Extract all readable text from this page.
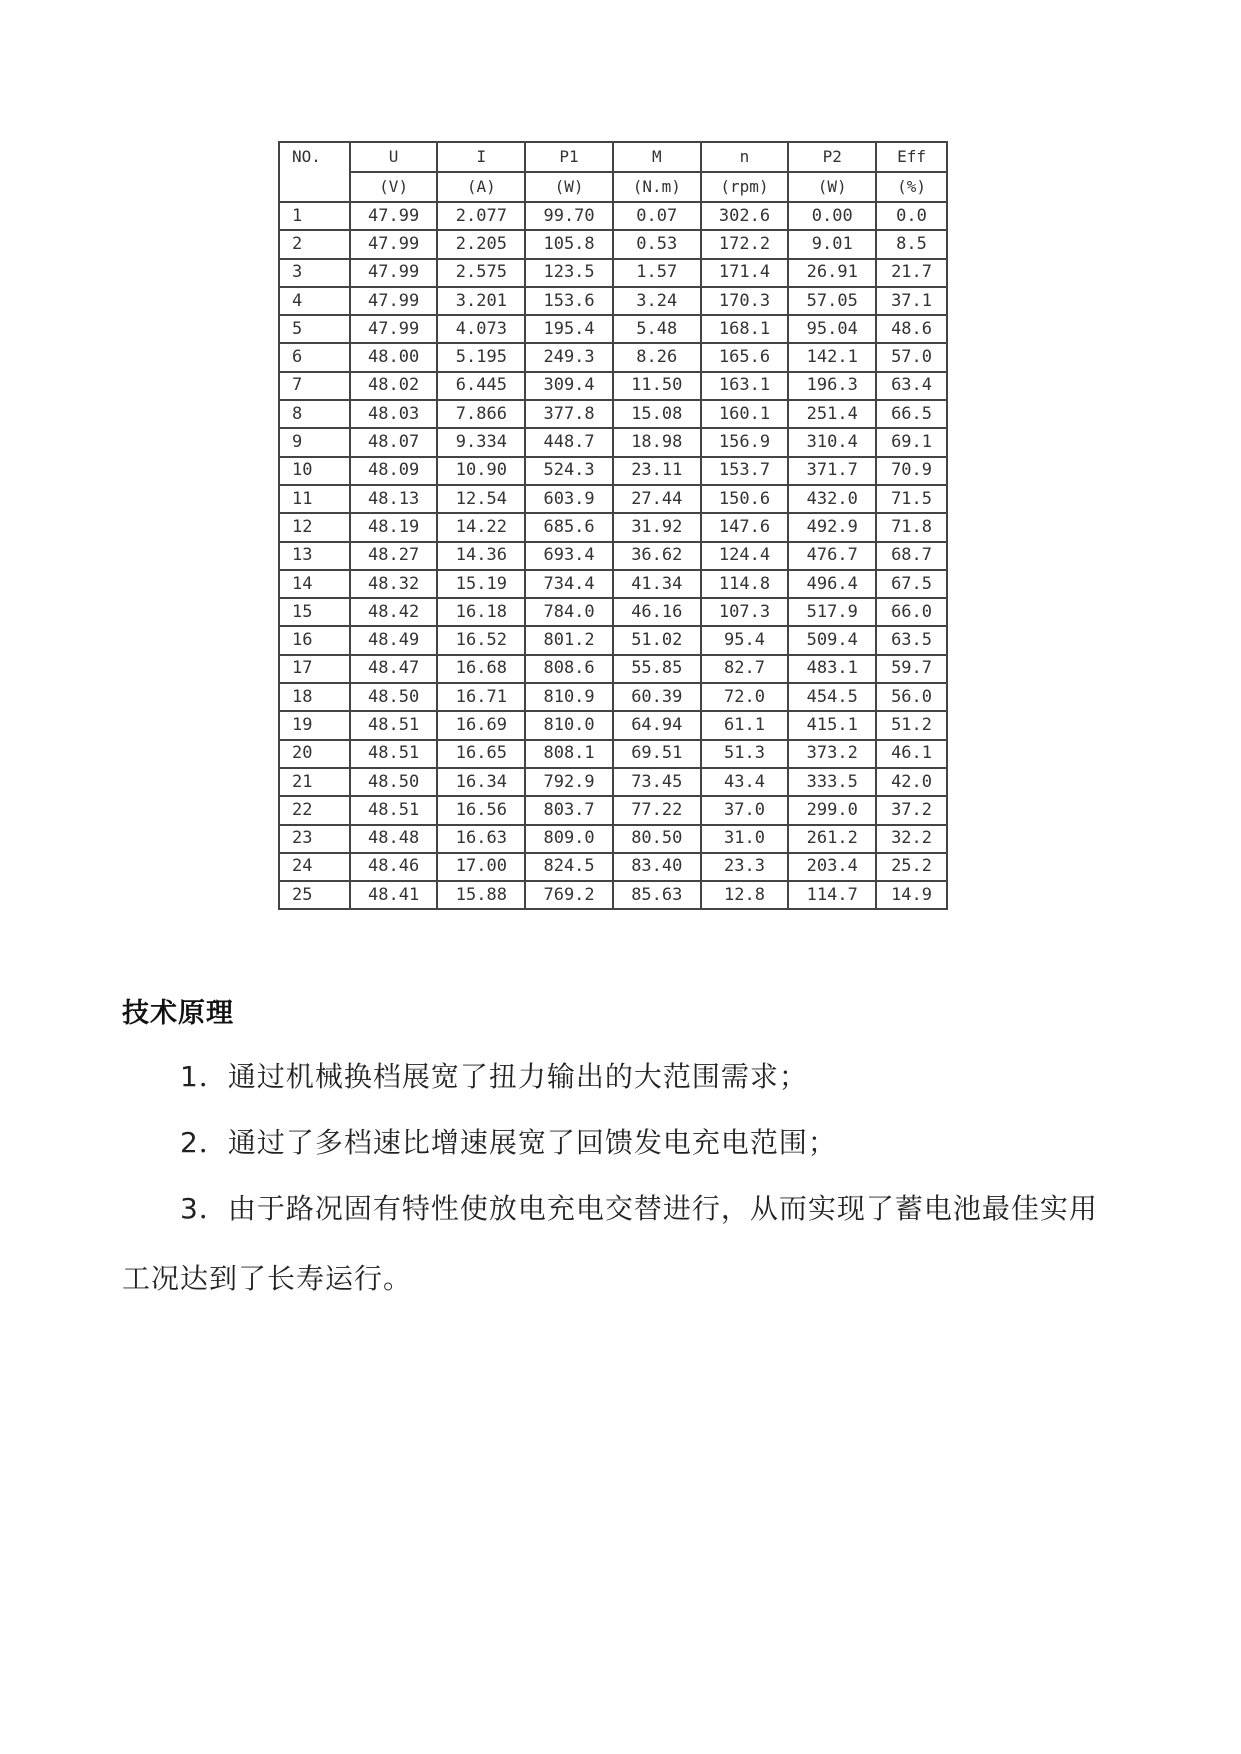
NO.	U	I	P1	M	n	P2	Eff
	(V)	(A)	(W)	(N.m)	(rpm)	(W)	(%)
1	47.99	2.077	99.70	0.07	302.6	0.00	0.0
2	47.99	2.205	105.8	0.53	172.2	9.01	8.5
3	47.99	2.575	123.5	1.57	171.4	26.91	21.7
4	47.99	3.201	153.6	3.24	170.3	57.05	37.1
5	47.99	4.073	195.4	5.48	168.1	95.04	48.6
6	48.00	5.195	249.3	8.26	165.6	142.1	57.0
7	48.02	6.445	309.4	11.50	163.1	196.3	63.4
8	48.03	7.866	377.8	15.08	160.1	251.4	66.5
9	48.07	9.334	448.7	18.98	156.9	310.4	69.1
10	48.09	10.90	524.3	23.11	153.7	371.7	70.9
11	48.13	12.54	603.9	27.44	150.6	432.0	71.5
12	48.19	14.22	685.6	31.92	147.6	492.9	71.8
13	48.27	14.36	693.4	36.62	124.4	476.7	68.7
14	48.32	15.19	734.4	41.34	114.8	496.4	67.5
15	48.42	16.18	784.0	46.16	107.3	517.9	66.0
16	48.49	16.52	801.2	51.02	95.4	509.4	63.5
17	48.47	16.68	808.6	55.85	82.7	483.1	59.7
18	48.50	16.71	810.9	60.39	72.0	454.5	56.0
19	48.51	16.69	810.0	64.94	61.1	415.1	51.2
20	48.51	16.65	808.1	69.51	51.3	373.2	46.1
21	48.50	16.34	792.9	73.45	43.4	333.5	42.0
22	48.51	16.56	803.7	77.22	37.0	299.0	37.2
23	48.48	16.63	809.0	80.50	31.0	261.2	32.2
24	48.46	17.00	824.5	83.40	23.3	203.4	25.2
25	48.41	15.88	769.2	85.63	12.8	114.7	14.9
技术原理
1．通过机械换档展宽了扭力输出的大范围需求；
2．通过了多档速比增速展宽了回馈发电充电范围；
3．由于路况固有特性使放电充电交替进行，从而实现了蓄电池最佳实用工况达到了长寿运行。
